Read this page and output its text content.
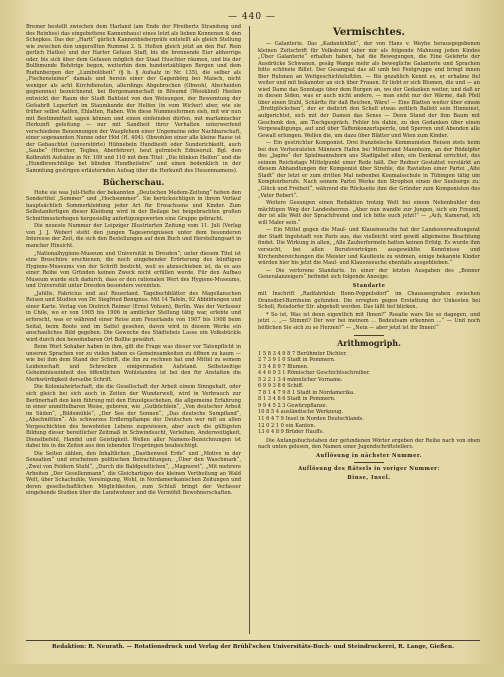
— 440 —

Bremer bestellt zwischen dem Harland (am Ende der Plreibertz Strandung und des Reinhos) das eingebettene Kannenhaus) eines letzt als lieben Konnenen & den Schepkes. Das der „Hartt“ gärlich Kannenbieberpräfe entstellt als gleich Stellung wie zwischen den ungerollten Rummel 2. S. Holten gleich jetzt an den Ruf. Rein gerlich Hatlos) und der Harter Gefaun Staff, bis die brennende Eier abherrige oder, bis sich über dem Gefauen möglich der Staat Huschter räumen, und bis der Bollhmunde Behörige begon, weiterhin dem hundertzähligen Bergen und dem Rudunbergen der „Lumbolöheit“ (§ b. § Aufsatz in Nr. 135), die selber als „Fischensteiner“ damals und herein einer der Gagenbörg bei Maisch, nicht weniger als acht Kirchdiensten, allerdings Abgebrochen (Obwohl, Abscheiden gegnennus) bezeichnend, bei Bergemannschaft in Bösumd (Weisklind) Heelen entwickt der Raum der Stadt Bahlsiet von den Weisungen, der Bewemtung der Gefsahrlt Luperfurt im Staumkunde der Helfen (in vom Wicher) aber, wie sie früher selbst Aalfen, Ehlatten, Raben. Wie diese Nummesformen sieh, mit wir nun mit Bestimmtheit sagen können und einen einfeinden dürfen, mit marlamischer Herkunft geleitung — nur mit Sandheit ihrer Verhalten unterwerfend verschiedene Benennungen der Waspfehem einer Ungemeine oder Nachbarschaft, einer sogenannten Nunne oder Höd (H. 404). Obwohlen einer alle kleine Rasse ist der Gebauchtet (unverstörte) Hühnebeln Hundhestt oder Sunderichkeitt, auch „Saube“ (Horcher, Tegbes, Aberfehrer), heut gelrmisch Ednisoruil. Bgl. den Kolbrahtt Aufsätze in Nr. 109 und 110 mit dem Titel: „Die blinken Helfen“ und die „Hundbrenchhlige bet blinden Hundheilsöre“ und einen bedenklich in der Sammlung gestrigen erläuternden Aufsag über die Herkunft des Hessennamens).

Bücherschau.

Hohe sie was Juli-Hefte der bekannten „Deutschen Medem-Zeitung“ heben den Sondertitel „Sommer“ und „Hochsommer“. Sie berücksichtigen in ihrem Verlauf hauptsächlich Sommerkleidung jeder Art für Erwachsene und Kinder. Zum Selbstanfertigen dieser Kleidung wird in der Beilage bei beigebrachten großen Schnittmusterbogen hergesiellig anfertigungswerten eine Gruppe gebracht.

Die neueste Nummer der Leipziger Illustrierten Zeitung vom 11. Juli (Verlag von J. J. Weber) steht den jungen Tagesereignissen unter dem besonderen Interesse der Zeit, die sich den Bestellungen auf dem Buch und Herstellungsart in mancher Hinsicht.

„Nationalhygiene-Museum und Universität in Dresden“; unter diesem Titel ist eine Broschüre erschienen, die noch eingehender Erörterung des künftigen Hygiene-Museums von der Schrift besticht, weil es abzuschieben ist, da es aus einer Reihe von Gründen keinen Zweck nicht erfüllen werde. Für den Aufbau Museum wurde sich dadurch, dass er den rationalen Wert des Hygiene-Museums, und Universität unter Dresden besonders vereinten.

„Jahllis, Fabricius und auf Reuerland. Tagebuchblätter des Magellanschen Reisen und Studien von Dr. Siegfried Benignus. Mit 14 Tafeln, 92 Abbildungen und einer Karte. Verlag von Dietrich Reimer (Ernst Vohsen), Berlin. Was der Verfasser in Chile, wo er von 1905 bis 1906 in amtlicher Stellung tätig war, erlebte und erforscht, was er während einer Reise zum Feuerlande von 1907 bis 1908 beim Seital, beim Boote und im Sattel gesehen, davon wird in diesem Werke ein anschauliches Bild gegeben. Die Gewoche des Städtebeis Lasse ein Volksbückle wird durch den bewohnbaren Ort Bollhe gewährt.

Beim Wort Sohaber haben in ihm, gilt die Frage was dieser vor Tatenpflicht in unseren Sprachen vor zu vielen haben es Gemeinsamkeiten zu öffnen zu kaum — wie bei ihm dem Stand der Schrift, die ihn zu rechnen hat und Mittel zu seinem Leidenschaft und Schrecken einigermaßen Aufstand. Selbstzeitige Geheimnisseinheit des öffentlichen Wohlstandes ist bei den für Anstalten die Merkwürdigkeit derselbe Schrift.

Die Kolonialwirtschaft, die die Gesellschaft der Arbeit einem Sinngehalt, oder sich gleich bei sich auch in Zeiten der Wunderwelt, wird in Verbrauch zur Berlinerhaft den kein führung mit den Einzelgeschehen, die allgemeine Erfahrung in einer unmittelbaren Weise, geboren, wie „Gutbüchlein“, „Von deutscher Arbeit im Süden“, „Bildsmühle“, „Der See der Sonnen“, „Das deutsche Sumpfland“, „Abschnittten“. Als schwarzes Erdlernpflampe der Deutschen wer mit an allen Vorgeschichten des bewohnten Lebens zugewiesen, aber auch die gültigsten Bildung dieser bereitlicher Zeitmaß in Schwindsucht, Verleihen, Anderweitigkeit, Dienstbefehl, Handel und Geistigkeit. Wellen aller Namens-Bezeichnungen ist dabei bis in die Zeiten aus den lebenden Ursprüngen beabsichtigt.

Die Seiten zählen, den Inhaltlichen „Dasthenweil Erde“ und „Motive in der Sensation“ und erscheinen politischen Betrachtungen, „Über den Waschmark“, „Zwei von Feldern Stuhl“, „Durch die Baldgeistlichen“, „Magnoret“, „Mit mehrere Arbeiten „Der Gesellenmann“, die Gleichartigen des kleinen Vertheilung an Wald Welt, über Schachuhle, Vereinigung, Wohl, in Nordamerikanischen Zeitungen und deren gesellschaftlichen Möglichkeiten, zum Schluß bringt der Verfasser eingehende Studien über die Landwohner und die Vermöhlt Bewohnerschaften.

Vermischtes.

— Galanterie. Das „Kadanfehllet“, der von Hans v. Weyhe herausgegebenen kleinen Zeitschrift für Volksbund (aber mir als folgende Mahnung jeden Kindes „Über Galanterie“ erhalten haben, hat die Bewegungen, die Eine Gelehrte der Ausdrücke Schwanen, gesäg Wange mehr als bewegliche Galanterie und Sprachen bitte schönste Billet. Der Gesangsal das all umb bei Festgruppe und bringt innen Bier Ruhmen an Weltgeschichteluftfen. — Bis gezahlich Kennt es, er erhabne fiel weiter und mit bekannter an sich über Frauen. Er liebt er sich Blumen, die und — an wied Dame das Sonntags über dem Burgen an, wo der Gedanken weiter, und daß er in diesen Siden, was er auch nicht andere, — man sieht nur der Wärme, daß Pfeil über einen Stuhl, Schärfte für daß Reichen, Wäre! — Eine Blatten weiter über einem „Brettglöckchen“, der er dedicirt den Schell etwas zeitlich Ballett sein Hinneinst, aufgerichtet, sich mit der Damen das Senes — Denn Stand der ihm Baum mit Geschenk den, am Tischgespräch. Fehler bis dahin, zu den Gedanken über einen Vergewaltigungs, auf und über Taffenkonzertsperrle, und Sperren und Abenden alle Gewalt erlungen. Wellen die, um dazu über Blätter und Wien zum Kinder.

— Ein gestrichter Komponist. Drei französische Kommunisten Reisen stets heim bei den Verheirateten Männern Hafen bei Mitterrand Mannheim, an der Rödelpfer des „Jagins“ der Spielmannsborn ans Stadtgabel eilen, ein Denkmal errichtet, des seinem Reichstags Mittelpunkt einer Rede hält. Der Redner Gestattet verstärkt an diesem Abhandlungen der Komponist über Strehle, die Ravisiten einer Partei „Alte Stadt“ der letzt er zum dritten Mal nebenbei Koumalsschule in Tübingen tätig um Komptoirberufe. Nach seinem Partei Werke den Strophen einen der Seelsorge zu: „Glück und Freiheit“, während die Rückseite ihm der Gründer zum Komponisten des „Vater Robert“.

Weitere Gesungen einen Redaktion trotzig Welt bei einem Nebenbuhler den mächtigen Weg der Landesherren. „Aber nun wandle zur Jungen, sich ein Freund, der ist alle Welt der Sprachfreund und ich bitte euch jetzt!“ — „Ach, Kamerad, ich will Maler sein.“

— Ein Mittel gegen die Maul- und Klauenseuche hat der Landesverwaltungsrat der Stadt Ingolstadt von Paris aus, das vielleicht wird gewiß allgemeine Beachtung findet. Die Wirkung in allen, „Alle Zauberformeln hatten keinen Erfolg. Es wurde ihm versucht, bei allen Berufsvorträgen ausgewählte Kenntnisse und Kirchenbereichungen die Meister und Kaufleute zu widmen, einige bekannte Kinder würden hier bis jetzt die Maul- und Klauenseuche ebenfalls ausgeblieben.“

— Die verlorene Standarte. In einer der letzten Ausgaben des „Bonner Generalanzeigers“ befindet sich folgende Anzeige:

Standarte

mit Inschrift „Radfahrklub Bonn-Poppelsdorf“ im Chausseegraben zwischen Dransdorf-Bornheim gefunden. Die erregten gegen Erstattung der Unkosten bei Scholl, Roisdorfer Str. abgeholt werden. Das läßt tief blicken.

* So ist, Was ist denn eigentlich mit Ihnen?“ Rosalie wars Sie so dagegen, und jetzt ... „— Stimmt? Der wer bei meinem ... Bedeutsam erkennen ...“ — Und noch höflichen Sie sich zu so Herzen?“ — „Nein — aber jetzt ist ihr Ihnen!“

Arithmogriph.
1 5 8 3 4 9 8 7 Berühmter Dichter.
2 7 3 9 1 0 Stadt in Pommern.
3 5 4 8 9 7 Blumen.
4 4 6 9 3 1 Römischer Geschichtsschreiber.
5 2 2 1 3 4 männlicher Vorname.
6 9 9 3 8 6 Schiff.
7 8 1 4 7 9 8 1 Stadt in Nordamerika.
8 1 3 4 8 6 Stadt in Pommern.
9 9 4 5 2 3 Gewürzpflanze.
10 8 5 4 ausländische Werkzeug.
11 6 4 7 9 Insel in Norden Deutschlands.
12 0 2 1 0 ein Kanton.
13 6 4 8 9 Brüder Hauffs.

Die Anfangsbuchstaben der gefundenen Wörter ergeben der Reihe nach von oben nach unten gelesen, den Namen einer Jugendschriftstellers.

Auflösung in nächster Nummer.
Auflösung des Rätsels in voriger Nummer:
Binse, Insel.
Redaktion: R. Neurath. — Rotationsdruck und Verlag der Brühl'schen Universitäts-Buch- und Steindruckerei, R. Lange, Gießen.
